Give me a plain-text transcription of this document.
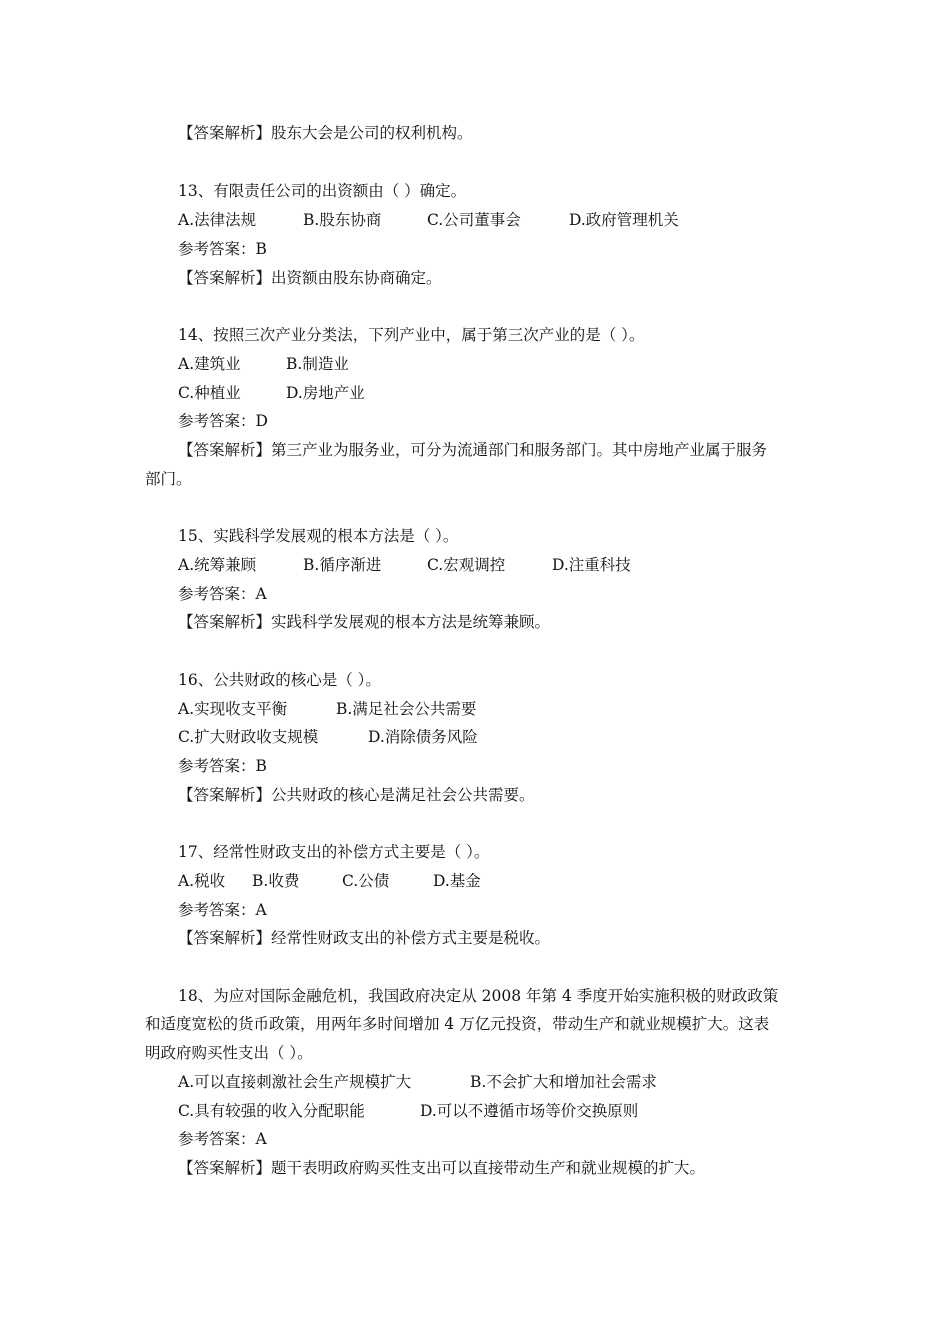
【答案解析】股东大会是公司的权利机构。
13、有限责任公司的出资额由（ ）确定。
A.法律法规	B.股东协商	C.公司董事会	D.政府管理机关
参考答案：B
【答案解析】出资额由股东协商确定。
14、按照三次产业分类法，下列产业中，属于第三次产业的是（ ）。
A.建筑业	B.制造业
C.种植业	D.房地产业
参考答案：D
【答案解析】第三产业为服务业，可分为流通部门和服务部门。其中房地产业属于服务
部门。
15、实践科学发展观的根本方法是（ ）。
A.统筹兼顾	B.循序渐进	C.宏观调控	D.注重科技
参考答案：A
【答案解析】实践科学发展观的根本方法是统筹兼顾。
16、公共财政的核心是（ ）。
A.实现收支平衡	B.满足社会公共需要
C.扩大财政收支规模	D.消除债务风险
参考答案：B
【答案解析】公共财政的核心是满足社会公共需要。
17、经常性财政支出的补偿方式主要是（ ）。
A.税收 B.收费	C.公债	D.基金
参考答案：A
【答案解析】经常性财政支出的补偿方式主要是税收。
18、为应对国际金融危机，我国政府决定从 2008 年第 4 季度开始实施积极的财政政策
和适度宽松的货币政策，用两年多时间增加 4 万亿元投资，带动生产和就业规模扩大。这表
明政府购买性支出（ ）。
A.可以直接刺激社会生产规模扩大	B.不会扩大和增加社会需求
C.具有较强的收入分配职能	D.可以不遵循市场等价交换原则
参考答案：A
【答案解析】题干表明政府购买性支出可以直接带动生产和就业规模的扩大。
